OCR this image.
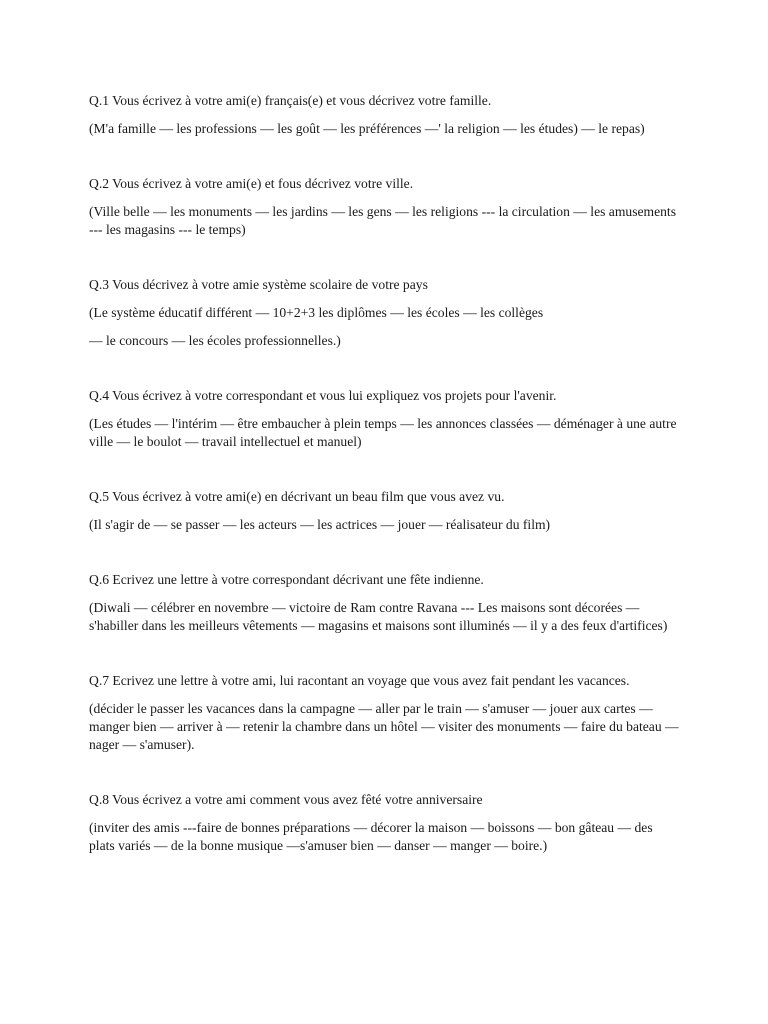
Q.1 Vous écrivez à votre ami(e) français(e) et vous décrivez votre famille.

(M'a famille — les professions — les goût — les préférences —' la religion — les études) — le repas)

Q.2 Vous écrivez à votre ami(e) et fous décrivez votre ville.

(Ville belle — les monuments — les jardins — les gens — les religions --- la circulation — les amusements --- les magasins --- le temps)

Q.3 Vous décrivez à votre amie système scolaire de votre pays

(Le système éducatif différent — 10+2+3 les diplômes — les écoles — les collèges

— le concours — les écoles professionnelles.)

Q.4 Vous écrivez à votre correspondant et vous lui expliquez vos projets pour l'avenir.

(Les études — l'intérim — être embaucher à plein temps — les annonces classées — déménager à une autre ville — le boulot — travail intellectuel et manuel)

Q.5 Vous écrivez à votre ami(e) en décrivant un beau film que vous avez vu.

(Il s'agir de — se passer — les acteurs — les actrices — jouer — réalisateur du film)

Q.6 Ecrivez une lettre à votre correspondant décrivant une fête indienne.

(Diwali — célébrer en novembre — victoire de Ram contre Ravana --- Les maisons sont décorées — s'habiller dans les meilleurs vêtements — magasins et maisons sont illuminés — il y a des feux d'artifices)

Q.7 Ecrivez une lettre à votre ami, lui racontant an voyage que vous avez fait pendant les vacances.

(décider le passer les vacances dans la campagne — aller par le train — s'amuser — jouer aux cartes — manger bien — arriver à — retenir la chambre dans un hôtel — visiter des monuments — faire du bateau — nager — s'amuser).

Q.8 Vous écrivez a votre ami comment vous avez fêté votre anniversaire

(inviter des amis ---faire de bonnes préparations — décorer la maison — boissons — bon gâteau — des plats variés — de la bonne musique —s'amuser bien — danser — manger — boire.)
